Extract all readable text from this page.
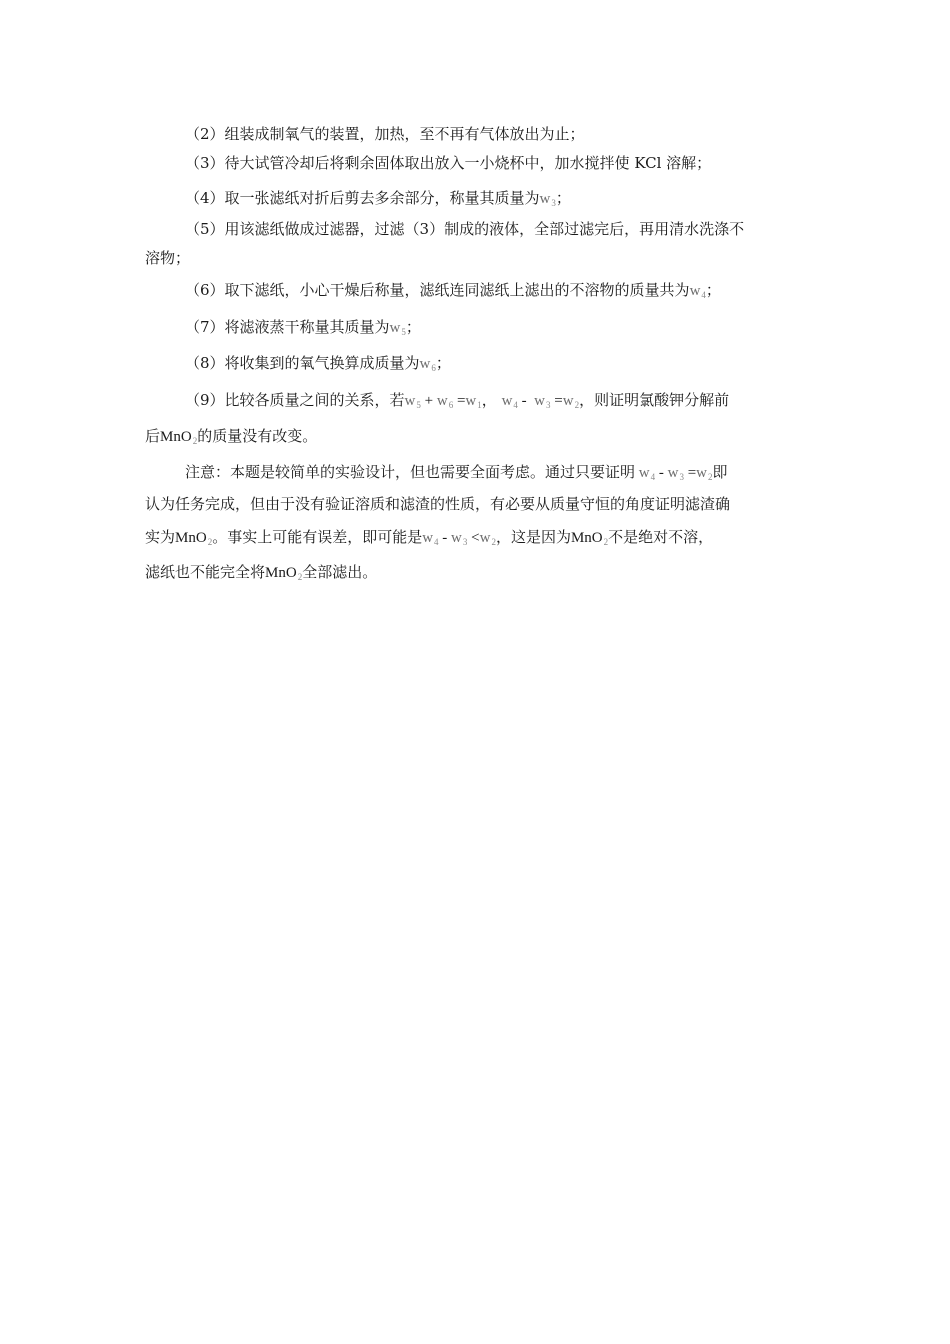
（2）组装成制氧气的装置，加热，至不再有气体放出为止；
（3）待大试管冷却后将剩余固体取出放入一小烧杯中，加水搅拌使 KCl 溶解；
（4）取一张滤纸对折后剪去多余部分，称量其质量为$w_3$；
（5）用该滤纸做成过滤器，过滤（3）制成的液体，全部过滤完后，再用清水洗涤不
溶物；
（6）取下滤纸，小心干燥后称量，滤纸连同滤纸上滤出的不溶物的质量共为$w_4$；
（7）将滤液蒸干称量其质量为$w_5$；
（8）将收集到的氧气换算成质量为$w_6$；
（9）比较各质量之间的关系，若$w_5 + w_6 =w_1$， $w_4 - w_3 =w_2$，则证明氯酸钾分解前
后MnO$_2$的质量没有改变。
注意：本题是较简单的实验设计，但也需要全面考虑。通过只要证明 $w_4 - w_3 =w_2$即
认为任务完成，但由于没有验证溶质和滤渣的性质，有必要从质量守恒的角度证明滤渣确
实为MnO$_2$。事实上可能有误差，即可能是$w_4 - w_3 <w_2$，这是因为MnO$_2$不是绝对不溶，
滤纸也不能完全将MnO$_2$全部滤出。
